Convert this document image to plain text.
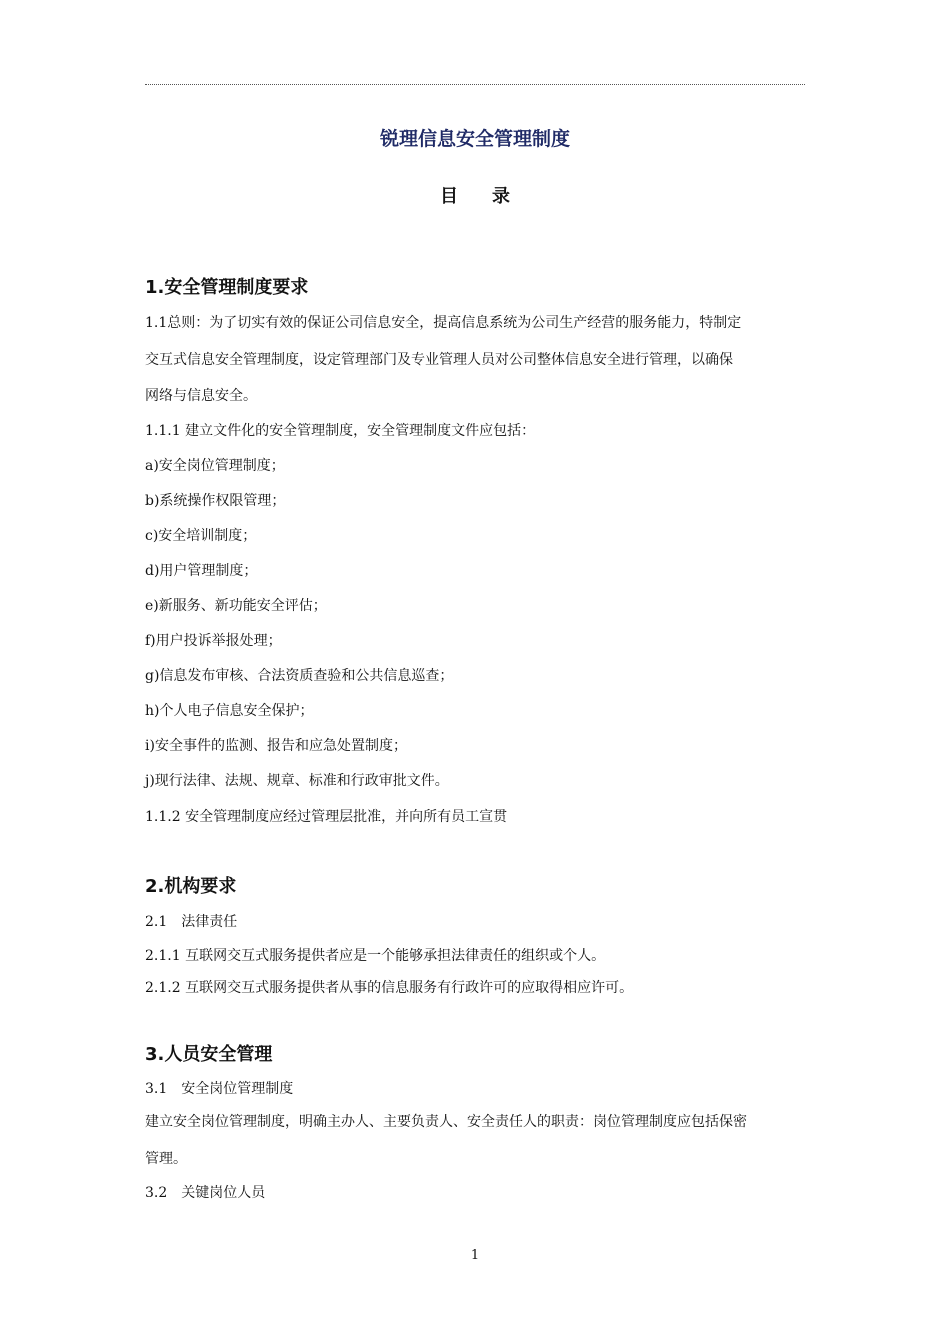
锐理信息安全管理制度
目录
1.安全管理制度要求
1.1总则：为了切实有效的保证公司信息安全，提高信息系统为公司生产经营的服务能力，特制定
交互式信息安全管理制度，设定管理部门及专业管理人员对公司整体信息安全进行管理，以确保
网络与信息安全。
1.1.1 建立文件化的安全管理制度，安全管理制度文件应包括：
a)安全岗位管理制度；
b)系统操作权限管理；
c)安全培训制度；
d)用户管理制度；
e)新服务、新功能安全评估；
f)用户投诉举报处理；
g)信息发布审核、合法资质查验和公共信息巡查；
h)个人电子信息安全保护；
i)安全事件的监测、报告和应急处置制度；
j)现行法律、法规、规章、标准和行政审批文件。
1.1.2 安全管理制度应经过管理层批准，并向所有员工宣贯
2.机构要求
2.1　法律责任
2.1.1 互联网交互式服务提供者应是一个能够承担法律责任的组织或个人。
2.1.2 互联网交互式服务提供者从事的信息服务有行政许可的应取得相应许可。
3.人员安全管理
3.1　安全岗位管理制度
建立安全岗位管理制度，明确主办人、主要负责人、安全责任人的职责：岗位管理制度应包括保密
管理。
3.2　关键岗位人员
1
